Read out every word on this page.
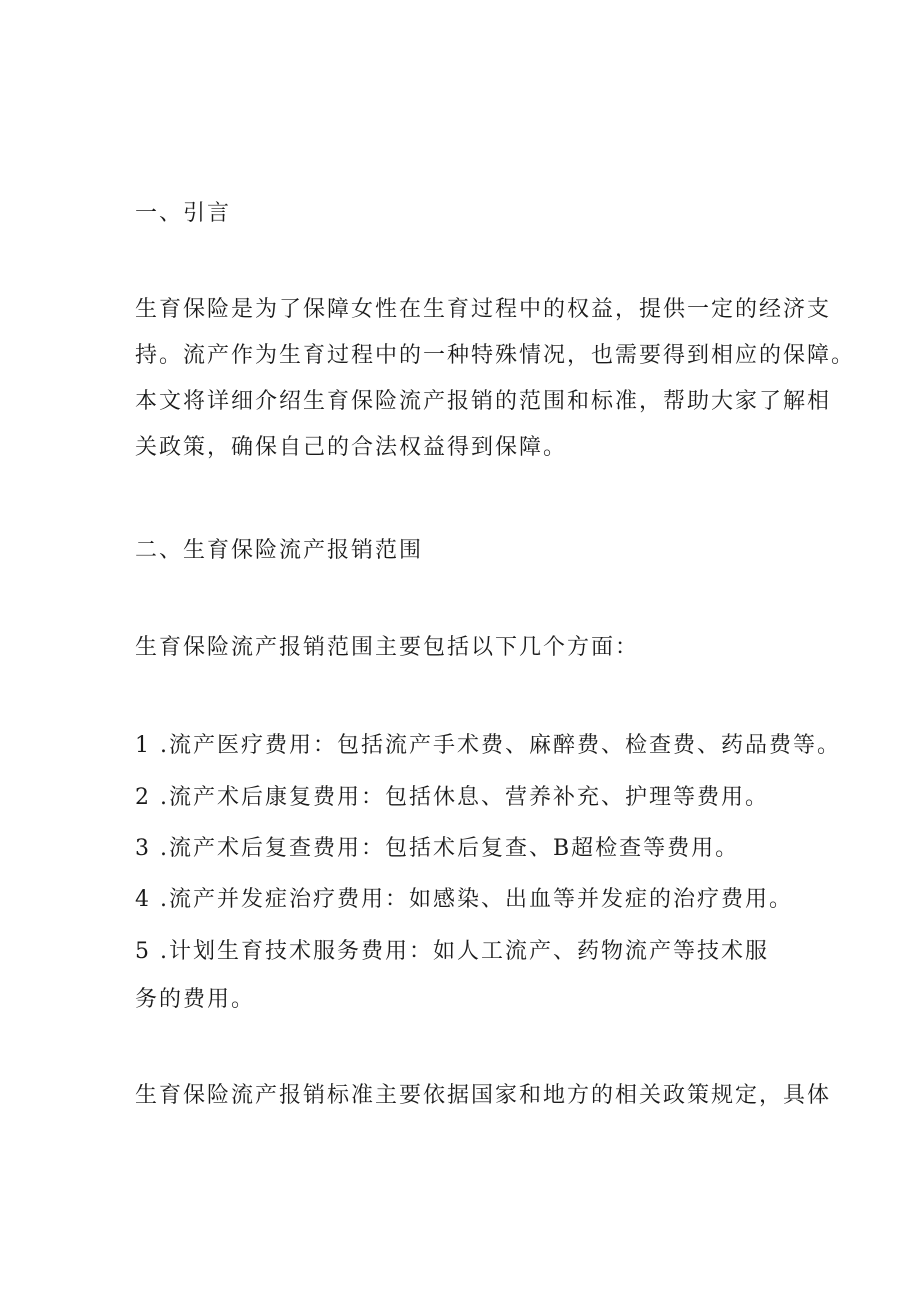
一、引言
生育保险是为了保障女性在生育过程中的权益，提供一定的经济支
持。流产作为生育过程中的一种特殊情况，也需要得到相应的保障。
本文将详细介绍生育保险流产报销的范围和标准，帮助大家了解相
关政策，确保自己的合法权益得到保障。
二、生育保险流产报销范围
生育保险流产报销范围主要包括以下几个方面：
1 .流产医疗费用：包括流产手术费、麻醉费、检查费、药品费等。
2 .流产术后康复费用：包括休息、营养补充、护理等费用。
3 .流产术后复查费用：包括术后复查、B超检查等费用。
4 .流产并发症治疗费用：如感染、出血等并发症的治疗费用。
5 .计划生育技术服务费用：如人工流产、药物流产等技术服
务的费用。
生育保险流产报销标准主要依据国家和地方的相关政策规定，具体
